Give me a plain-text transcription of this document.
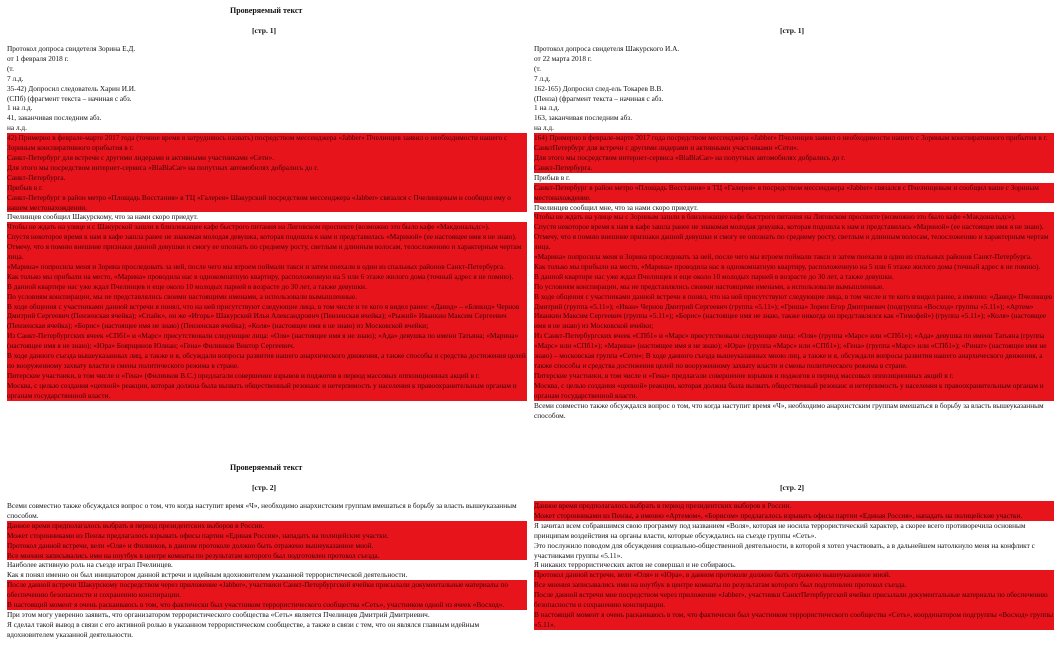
Проверяемый текст
[стр. 1]
Проверяемый текст
[стр. 2]
[стр. 1]
[стр. 2]

Протокол допроса свидетеля Зорина Е.Д.

от 1 февраля 2018 г.

(т.

7 л.д.

35-42) Допросил следователь Харин И.И.

(СПб) (фрагмент текста – начиная с абз.

1 на л.д.

41, заканчивая последним абз.

на л.д.

42) Примерно в феврале-марте 2017 года (точное время я затрудняюсь назвать) посредством мессенджера «Jabber» Пчелинцев заявил о необходимости нашего с Зориным конспиративного прибытия в г.

Санкт-Петербург для встречи с другими лидерами и активными участниками «Сети».

Для этого мы посредством интернет-сервиса «BlaBlaCar» на попутных автомобилях добрались до г.

Санкт-Петербурга.

Прибыв в г.

Санкт-Петербург в район метро «Площадь Восстания» в ТЦ «Галерея» Шакурский посредством мессенджера «Jabber» связался с Пчелинцевым и сообщил ему о нашем местонахождении.

Пчелинцев сообщил Шакурскому, что за нами скоро приедут.

Чтобы не ждать на улице я с Шакурской зашли в близлежащее кафе быстрого питания на Лиговском проспекте (возможно это было кафе «Макдональдс»).

Спустя некоторое время к нам в кафе зашла ранее не знакомая молодая девушка, которая подошла к нам и представилась «Мариной» (ее настоящее имя я не знаю).

Отмечу, что я помню внешние признаки данной девушки и смогу ее опознать по среднему росту, светлым и длинным волосам, телосложению и характерным чертам лица.

«Марина» попросила меня и Зорина проследовать за ней, после чего мы втроем поймали такси и затем поехали в один из спальных районов Санкт-Петербурга.

Как только мы прибыли на место, «Марина» проводила нас в однокомнатную квартиру, расположенную на 5 или 6 этаже жилого дома (точный адрес я не помню).

В данной квартире нас уже ждал Пчелинцев и еще около 10 молодых парней в возрасте до 30 лет, а также девушки.

По условиям конспирации, мы не представлялись своими настоящими именами, а использовали вымышленные.

В ходе общения с участниками данной встречи я понял, что на ней присутствуют следующие лица, в том числе и те кого я видел ранее: «Давид» – «Бликид» Чернов Дмитрий Сергеевич (Пензенская ячейка); «Спайк», он же «Игорь» Шакурский Илья Александрович (Пензенская ячейка); «Рыжий» Иванкин Максим Сергеевич (Пензенская ячейка); «Борис» (настоящее имя не знаю) (Пензенская ячейка); «Коля» (настоящее имя я не знаю) из Московской ячейки;

Из Санкт-Петербургских ячеек «СПб1» и «Марс» присутствовали следующие лица: «Оля» (настоящее имя я не знаю); «Ада» девушка по имени Татьяна; «Марина» (настоящее имя я не знаю); «Юра» Боярщинов Юлиан; «Гена» Филинков Виктор Сергеевич.

В ходе данного съезда вышеуказанных лиц, а также и я, обсуждали вопросы развития нашего анархического движения, а также способы и средства достижения целей по вооруженному захвату власти и смены политического режима в стране.

Питерские участники, в том числе и «Гена» (Филинков В.С.) предлагали совершение взрывов и поджогов в период массовых оппозиционных акций в г.

Москва, с целью создания «цепной» реакции, которая должна была вызвать общественный резонанс и нетерпимость у населения к правоохранительным органам и органам государственной власти.

Всеми совместно также обсуждался вопрос о том, что когда наступит время «Ч», необходимо анархистским группам вмешаться в борьбу за власть вышеуказанным способом.

Данное время предполагалось выбрать в период президентских выборов в России.

Может сторонниками из Пензы предлагалось взрывать офисы партии «Единая Россия», нападать на полицейские участки.

Протокол данной встречи, вели «Оля» и Филинков, в данном протоколе должно быть отражено вышеуказанное мной.

Все мнения записывались ими на ноутбук в центре комнаты по результатам которого был подготовлен протокол съезда.

Наиболее активную роль на съезде играл Пчелинцев.

Как я понял именно он был инициатором данной встречи и идейным вдохновителем указанной террористической деятельности.

После данной встречи Шакурскому посредством через приложение «Jabber», участники Санкт-Петербургской ячейки присылали документальные материалы по обеспечению безопасности и сохранению конспирации.

В настоящий момент я очень раскаиваюсь в том, что фактически был участником террористического сообщества «Сеть», участником одной из ячеек «Восход».

При этом могу уверенно заявить, что организатором террористического сообщества «Сеть» является Пчелинцев Дмитрий Дмитриевич.

Я сделал такой вывод в связи с его активной ролью в указанном террористическом сообществе, а также в связи с тем, что он являлся главным идейным вдохновителем указанной деятельности.

Протокол допроса свидетеля Шакурского И.А.

от 22 марта 2018 г.

(т.

7 л.д.

162-165) Допросил след-ель Токарев В.В.

(Пенза) (фрагмент текста – начиная с абз.

1 на л.д.

163, заканчивая последним абз.

на л.д.

164) Примерно в феврале-марте 2017 года посредством мессенджера «Jabber» Пчелинцев заявил о необходимости нашего с Зориным конспиративного прибытия в г.

СанктПетербург для встречи с другими лидерами и активными участниками «Сети».

Для этого мы посредством интернет-сервиса «BlaBlaCar» на попутных автомобилях добрались до г.

Санкт-Петербурга.

Прибыв в г.

Санкт-Петербург в район метро «Площадь Восстания» в ТЦ «Галерея» я посредством мессенджера «Jabber» связался с Пчелинцевым и сообщил ваше с Зориным местонахождение.

Пчелинцев сообщил мне, что за нами скоро приедут.

Чтобы не ждать на улице мы с Зориным зашли в близлежащее кафе быстрого питания на Лиговском проспекте (возможно это было кафе «Макдональдс»).

Спустя некоторое время к нам в кафе зашла ранее не знакомая молодая девушка, которая подошла к нам и представилась «Мариной» (ее настоящее имя я не знаю).

Отмечу, что я помню внешние признаки данной девушки и смогу ее опознать по среднему росту, светлым и длинным волосам, телосложению и характерным чертам лица.

«Марина» попросила меня и Зорина проследовать за ней, после чего мы втроем поймали такси и затем поехали в один из спальных районов Санкт-Петербурга.

Как только мы прибыли на место, «Марина» проводила нас в однокомнатную квартиру, расположенную на 5 или 6 этаже жилого дома (точный адрес я не помню).

В данной квартире нас уже ждал Пчелинцев и еще около 10 молодых парней в возрасте до 30 лет, а также девушки.

По условиям конспирации, мы не представлялись своими настоящими именами, а использовали вымышленные.

В ходе общения с участниками данной встречи я понял, что на ней присутствуют следующие лица, в том числе и те кого я видел ранее, а именно: «Давид» Пчелинцев Дмитрий (группа «5.11»); «Иван» Чернов Дмитрий Сергеевич (группа «5.11»); «Гриша» Зорин Егор Дмитриевич (подгруппа «Восход» группы «5.11»); «Артем» Иванкин Максим Сергеевич (группа «5.11»); «Борис» (настоящее имя не знаю, также никогда он представлялся как «Тимофей») (группа «5.11»); «Коля» (настоящее имя я не знаю) из Московской ячейки;

Из Санкт-Петербургских ячеек «СПб1» и «Марс» присутствовали следующие лица: «Оля» (группа «Марс» или «СПб1»); «Ада» девушка по имени Татьяна (группа «Марс» или «СПб1»); «Марина» (настоящее имя я не знаю); «Юра» (группа «Марс» или «СПб1»); «Гена» (группа «Марс» или «СПб1»); «Ринат» (настоящее имя не знаю) – московская группа «Сети»; В ходе данного съезда вышеуказанных мною лиц, а также и я, обсуждали вопросы развития нашего анархического движения, а также способы и средства достижения целей по вооруженному захвату власти и смены политического режима в стране.

Питерские участники, в том числе и «Гена» предлагали совершение взрывов и поджогов в период массовых оппозиционных акций в г.

Москва, с целью создания «цепной» реакции, которая должна была вызвать общественный резонанс и нетерпимость у населения к правоохранительным органам и органам государственной власти.

Всеми совместно также обсуждался вопрос о том, что когда наступит время «Ч», необходимо анархистским группам вмешаться в борьбу за власть вышеуказанным способом.

Данное время предполагалось выбрать в период президентских выборов в России.

Может сторонниками из Пензы, а именно «Артемом», «Борисом» предлагалось взрывать офисы партии «Единая Россия», нападать на полицейские участки.

Я зачитал всем собравшимся свою программу под названием «Воля», которая не носила террористический характер, а скорее всего противоречила основным принципам воздействия на органы власти, которые обсуждались на съезде группы «Сеть».

Это послужило поводом для обсуждения социально-общественной деятельности, в которой я хотел участвовать, а в дальнейшем натолкнуло меня на конфликт с участниками группы «5.11».

Я никаких террористических актов не совершал и не собираюсь.

Протокол данной встречи, вели «Оля» и «Юра», в данном протоколе должно быть отражено вышеуказанное мной.

Все мнения записывались ими на ноутбук в центре комнаты по результатам которого был подготовлен протокол съезда.

После данной встречи мне посредством через приложение «Jabber», участники СанктПетербургской ячейки присылали документальные материалы по обеспечению безопасности и сохранению конспирации.

В настоящий момент я очень раскаиваюсь в том, что фактически был участником террористического сообщества «Сеть», координатором подгруппы «Восход» группы «5.11».
